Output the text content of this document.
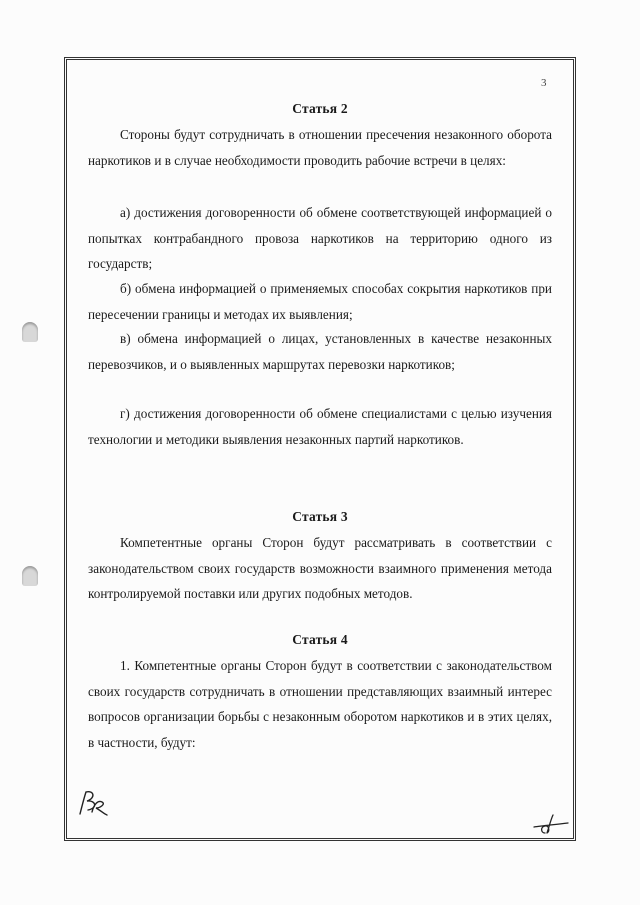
3
Статья 2
Стороны будут сотрудничать в отношении пресечения незаконного оборота наркотиков и в случае необходимости проводить рабочие встречи в целях:
а) достижения договоренности об обмене соответствующей информацией о попытках контрабандного провоза наркотиков на территорию одного из государств;
б) обмена информацией о применяемых способах сокрытия наркотиков при пересечении границы и методах их выявления;
в) обмена информацией о лицах, установленных в качестве незаконных перевозчиков, и о выявленных маршрутах перевозки наркотиков;
г) достижения договоренности об обмене специалистами с целью изучения технологии и методики выявления незаконных партий наркотиков.
Статья 3
Компетентные органы Сторон будут рассматривать в соответствии с законодательством своих государств возможности взаимного применения метода контролируемой поставки или других подобных методов.
Статья 4
1. Компетентные органы Сторон будут в соответствии с законодательством своих государств сотрудничать в отношении представляющих взаимный интерес вопросов организации борьбы с незаконным оборотом наркотиков и в этих целях, в частности, будут:
